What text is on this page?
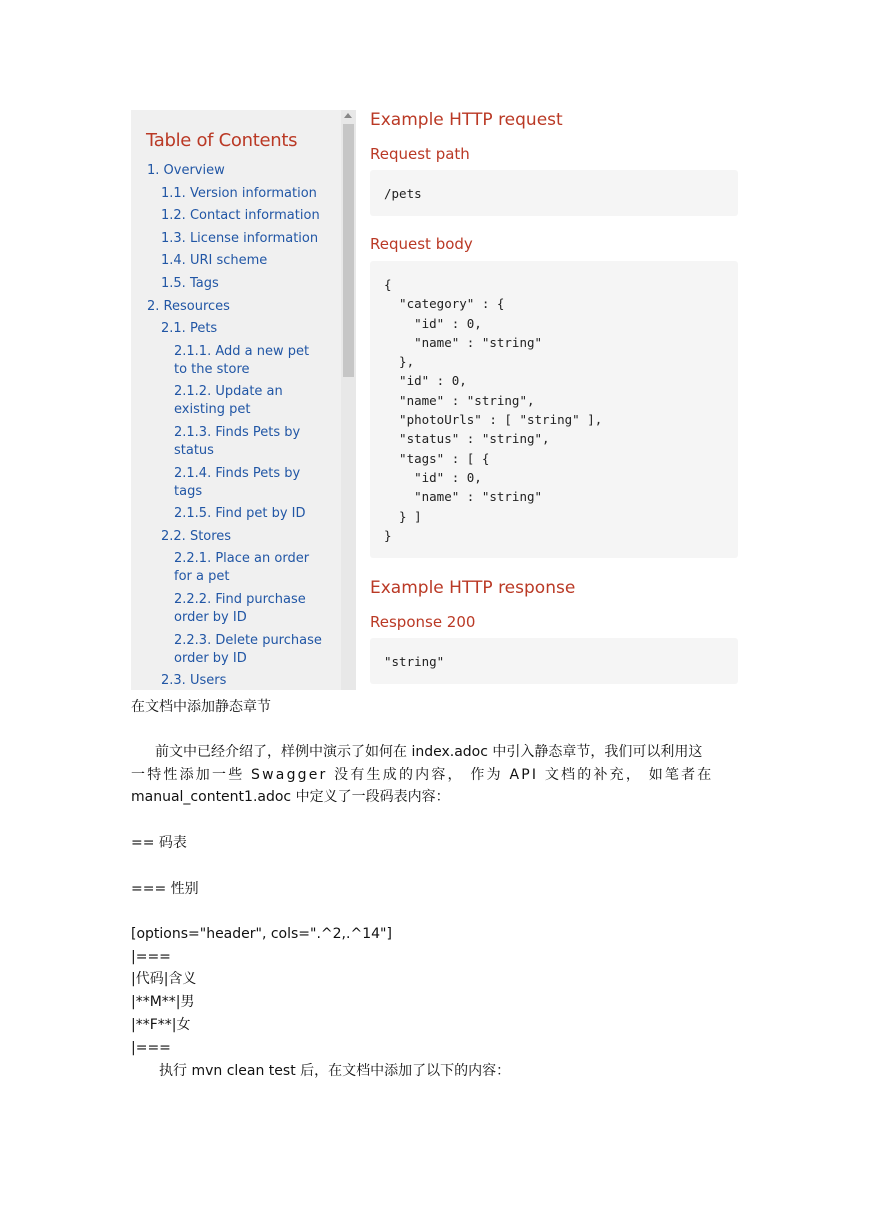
Table of Contents
1. Overview
1.1. Version information
1.2. Contact information
1.3. License information
1.4. URI scheme
1.5. Tags
2. Resources
2.1. Pets
2.1.1. Add a new pet to the store
2.1.2. Update an existing pet
2.1.3. Finds Pets by status
2.1.4. Finds Pets by tags
2.1.5. Find pet by ID
2.2. Stores
2.2.1. Place an order for a pet
2.2.2. Find purchase order by ID
2.2.3. Delete purchase order by ID
2.3. Users
Example HTTP request
Request path
/pets
Request body
{
"category" : {
"id" : 0,
"name" : "string"
},
"id" : 0,
"name" : "string",
"photoUrls" : [ "string" ],
"status" : "string",
"tags" : [ {
"id" : 0,
"name" : "string"
} ]
}
Example HTTP response
Response 200
"string"
在文档中添加静态章节
前文中已经介绍了，样例中演示了如何在 index.adoc 中引入静态章节，我们可以利用这
一特性添加一些 Swagger 没有生成的内容， 作为 API 文档的补充， 如笔者在
manual_content1.adoc 中定义了一段码表内容：
== 码表
=== 性别
[options="header", cols=".^2,.^14"]
|===
|代码|含义
|**M**|男
|**F**|女
|===
执行 mvn clean test 后，在文档中添加了以下的内容：
